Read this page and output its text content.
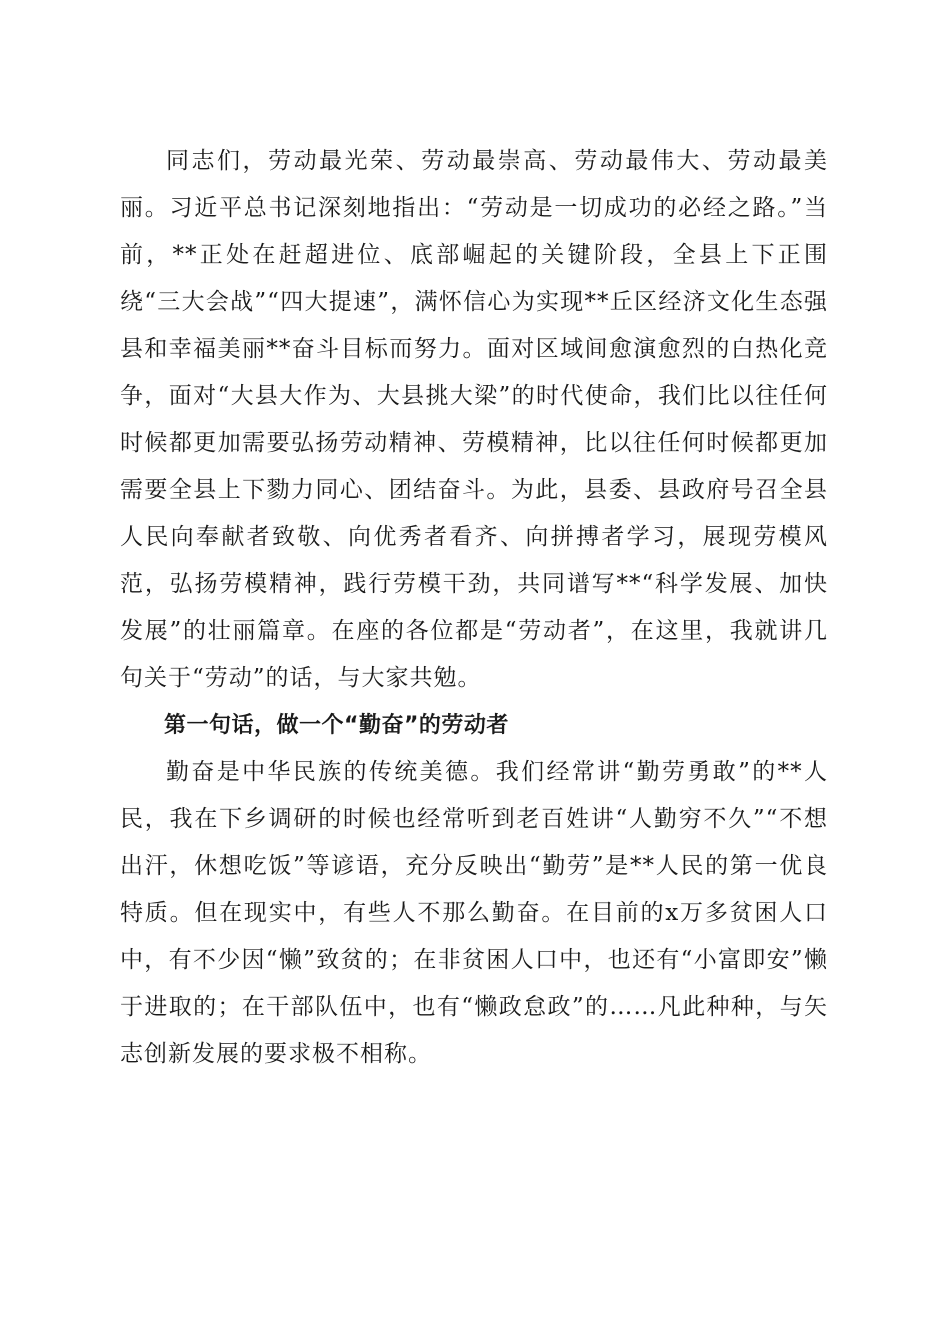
同志们，劳动最光荣、劳动最崇高、劳动最伟大、劳动最美丽。习近平总书记深刻地指出：“劳动是一切成功的必经之路。”当前，**正处在赶超进位、底部崛起的关键阶段，全县上下正围绕“三大会战”“四大提速”，满怀信心为实现**丘区经济文化生态强县和幸福美丽**奋斗目标而努力。面对区域间愈演愈烈的白热化竞争，面对“大县大作为、大县挑大梁”的时代使命，我们比以往任何时候都更加需要弘扬劳动精神、劳模精神，比以往任何时候都更加需要全县上下勠力同心、团结奋斗。为此，县委、县政府号召全县人民向奉献者致敬、向优秀者看齐、向拼搏者学习，展现劳模风范，弘扬劳模精神，践行劳模干劲，共同谱写**“科学发展、加快发展”的壮丽篇章。在座的各位都是“劳动者”，在这里，我就讲几句关于“劳动”的话，与大家共勉。

第一句话，做一个“勤奋”的劳动者

勤奋是中华民族的传统美德。我们经常讲“勤劳勇敢”的**人民，我在下乡调研的时候也经常听到老百姓讲“人勤穷不久”“不想出汗，休想吃饭”等谚语，充分反映出“勤劳”是**人民的第一优良特质。但在现实中，有些人不那么勤奋。在目前的x万多贫困人口中，有不少因“懒”致贫的；在非贫困人口中，也还有“小富即安”懒于进取的；在干部队伍中，也有“懒政怠政”的……凡此种种，与矢志创新发展的要求极不相称。
